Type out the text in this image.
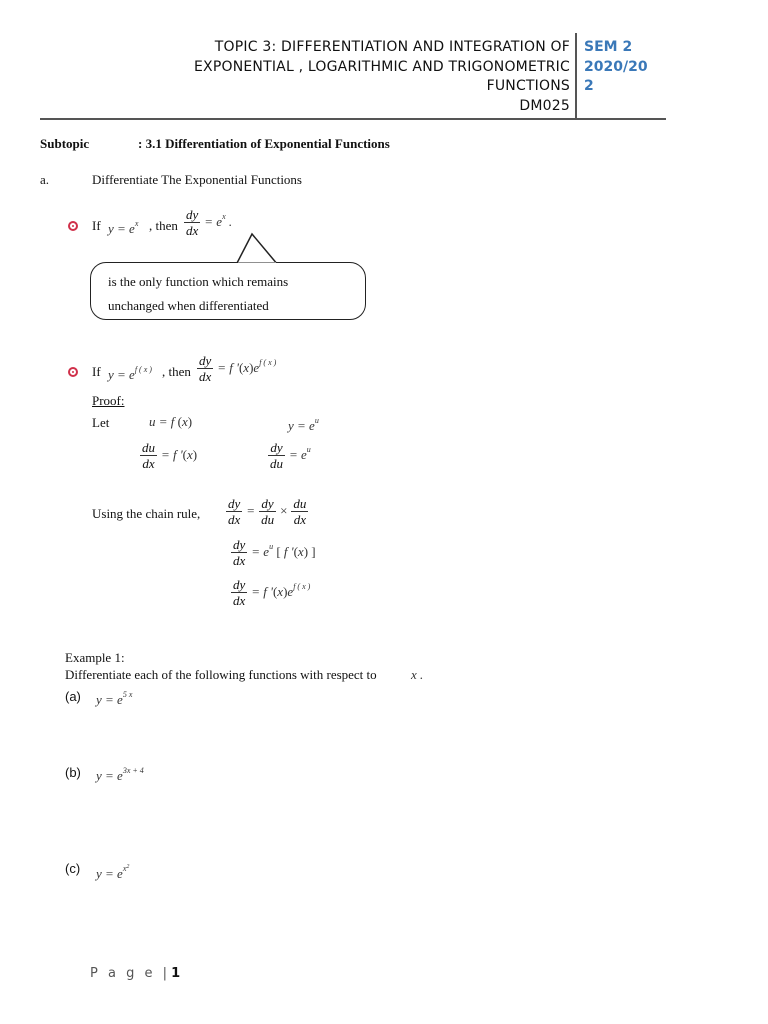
TOPIC 3: DIFFERENTIATION AND INTEGRATION OF
EXPONENTIAL , LOGARITHMIC AND TRIGONOMETRIC
FUNCTIONS
DM025
SEM 2
2020/20
2
Subtopic	: 3.1 Differentiation of Exponential Functions
a.	Differentiate The Exponential Functions
If $y = e^x$ , then $\frac{dy}{dx} = e^x$ .
is the only function which remains
unchanged when differentiated
If $y = e^{f ( x )}$ , then $\frac{dy}{dx} = f$ '$(x)e^{f ( x )}$
Proof:
Let	u = f (x)	$y = e^u$
$\frac{du}{dx} = f$ '(x)	$\frac{dy}{du} = e^u$
Using the chain rule, $\frac{dy}{dx} = \frac{dy}{du} \times \frac{du}{dx}$
$\frac{dy}{dx} = e^u$ [ f '(x) ]
$\frac{dy}{dx} = f$ '$(x)e^{f ( x )}$
Example 1:
Differentiate each of the following functions with respect to	x .
(a) $y = e^{5 x}$
(b) $y = e^{3x + 4}$
(c) $y = e^{x^2}$
P a g e | 1
